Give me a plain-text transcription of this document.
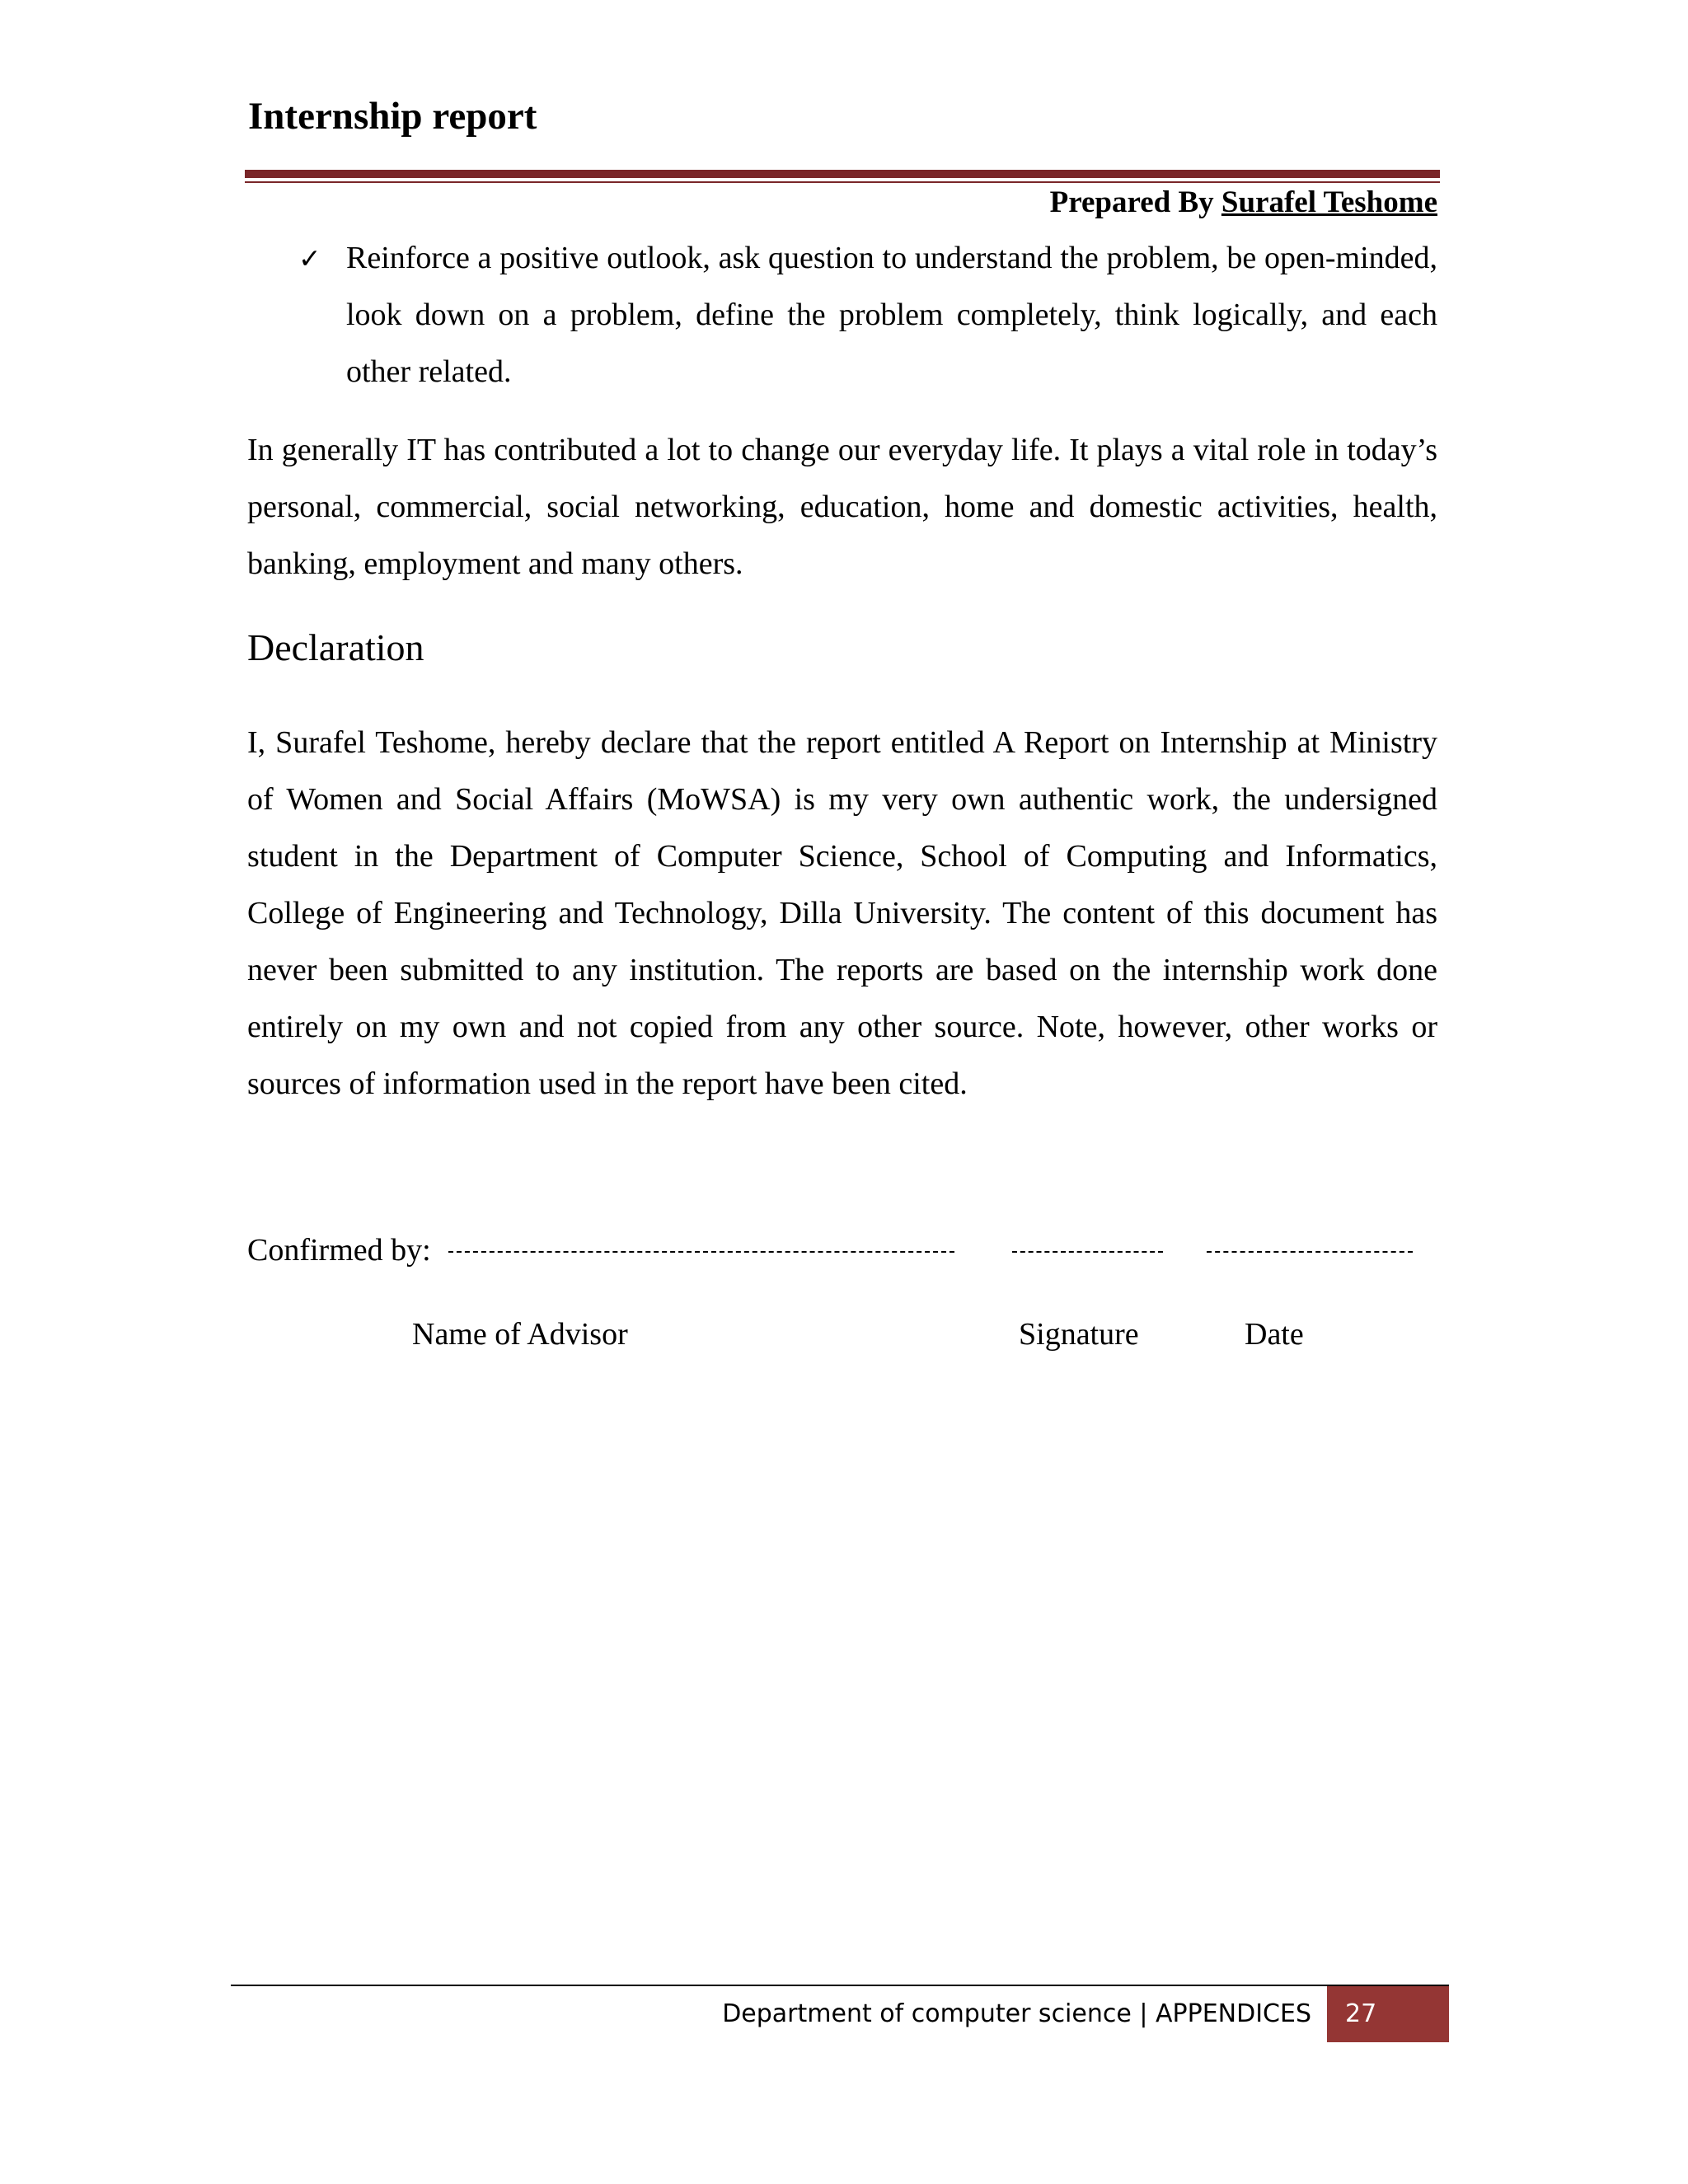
Internship report
Prepared By Surafel Teshome
✓ Reinforce a positive outlook, ask question to understand the problem, be open-minded, look down on a problem, define the problem completely, think logically, and each other related.

In generally IT has contributed a lot to change our everyday life. It plays a vital role in today’s personal, commercial, social networking, education, home and domestic activities, health, banking, employment and many others.

Declaration

I, Surafel Teshome, hereby declare that the report entitled A Report on Internship at Ministry of Women and Social Affairs (MoWSA) is my very own authentic work, the undersigned student in the Department of Computer Science, School of Computing and Informatics, College of Engineering and Technology, Dilla University. The content of this document has never been submitted to any institution. The reports are based on the internship work done entirely on my own and not copied from any other source. Note, however, other works or sources of information used in the report have been cited.

Confirmed by:
Name of Advisor	Signature	Date
Department of computer science | APPENDICES 27
